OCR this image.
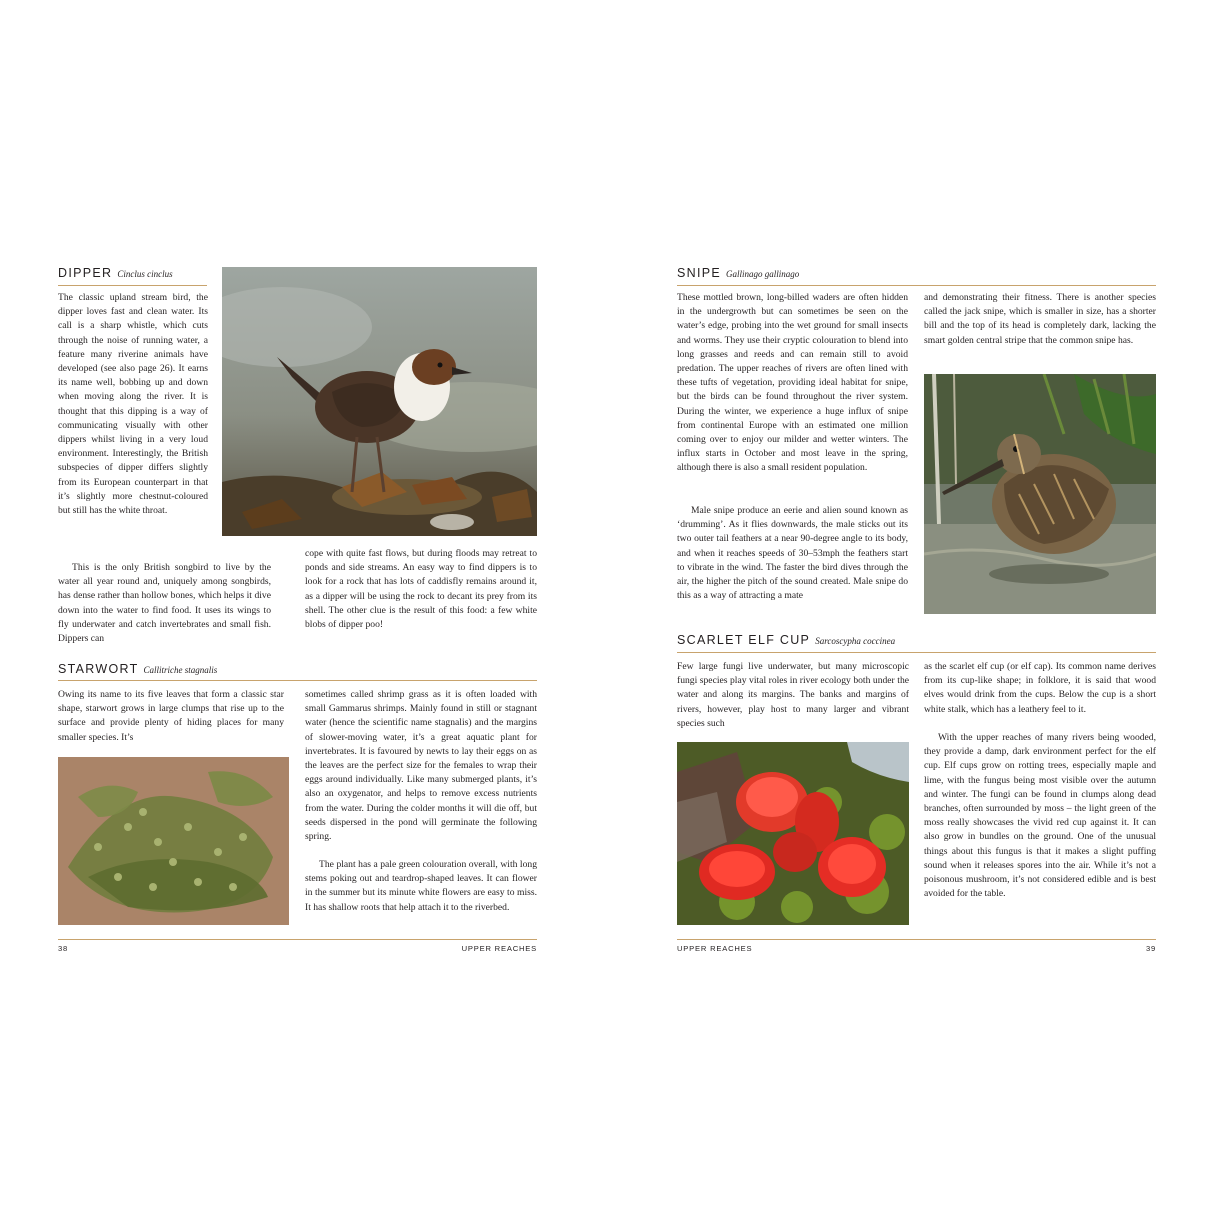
DIPPER Cinclus cinclus

The classic upland stream bird, the dipper loves fast and clean water. Its call is a sharp whistle, which cuts through the noise of running water, a feature many riverine animals have developed (see also page 26). It earns its name well, bobbing up and down when moving along the river. It is thought that this dipping is a way of communicating visually with other dippers whilst living in a very loud environment. Interestingly, the British subspecies of dipper differs slightly from its European counterpart in that it’s slightly more chestnut-coloured but still has the white throat.

This is the only British songbird to live by the water all year round and, uniquely among songbirds, has dense rather than hollow bones, which helps it dive down into the water to find food. It uses its wings to fly underwater and catch invertebrates and small fish. Dippers can

cope with quite fast flows, but during floods may retreat to ponds and side streams. An easy way to find dippers is to look for a rock that has lots of caddisfly remains around it, as a dipper will be using the rock to decant its prey from its shell. The other clue is the result of this food: a few white blobs of dipper poo!

STARWORT Callitriche stagnalis

Owing its name to its five leaves that form a classic star shape, starwort grows in large clumps that rise up to the surface and provide plenty of hiding places for many smaller species. It’s

sometimes called shrimp grass as it is often loaded with small Gammarus shrimps. Mainly found in still or stagnant water (hence the scientific name stagnalis) and the margins of slower-moving water, it’s a great aquatic plant for invertebrates. It is favoured by newts to lay their eggs on as the leaves are the perfect size for the females to wrap their eggs around individually. Like many submerged plants, it’s also an oxygenator, and helps to remove excess nutrients from the water. During the colder months it will die off, but seeds dispersed in the pond will germinate the following spring.

The plant has a pale green colouration overall, with long stems poking out and teardrop-shaped leaves. It can flower in the summer but its minute white flowers are easy to miss. It has shallow roots that help attach it to the riverbed.

38	UPPER REACHES
SNIPE Gallinago gallinago

These mottled brown, long-billed waders are often hidden in the undergrowth but can sometimes be seen on the water’s edge, probing into the wet ground for small insects and worms. They use their cryptic colouration to blend into long grasses and reeds and can remain still to avoid predation. The upper reaches of rivers are often lined with these tufts of vegetation, providing ideal habitat for snipe, but the birds can be found throughout the river system. During the winter, we experience a huge influx of snipe from continental Europe with an estimated one million coming over to enjoy our milder and wetter winters. The influx starts in October and most leave in the spring, although there is also a small resident population.

Male snipe produce an eerie and alien sound known as ‘drumming’. As it flies downwards, the male sticks out its two outer tail feathers at a near 90-degree angle to its body, and when it reaches speeds of 30–53mph the feathers start to vibrate in the wind. The faster the bird dives through the air, the higher the pitch of the sound created. Male snipe do this as a way of attracting a mate

and demonstrating their fitness. There is another species called the jack snipe, which is smaller in size, has a shorter bill and the top of its head is completely dark, lacking the smart golden central stripe that the common snipe has.

SCARLET ELF CUP Sarcoscypha coccinea

Few large fungi live underwater, but many microscopic fungi species play vital roles in river ecology both under the water and along its margins. The banks and margins of rivers, however, play host to many larger and vibrant species such

as the scarlet elf cup (or elf cap). Its common name derives from its cup-like shape; in folklore, it is said that wood elves would drink from the cups. Below the cup is a short white stalk, which has a leathery feel to it.

With the upper reaches of many rivers being wooded, they provide a damp, dark environment perfect for the elf cup. Elf cups grow on rotting trees, especially maple and lime, with the fungus being most visible over the autumn and winter. The fungi can be found in clumps along dead branches, often surrounded by moss – the light green of the moss really showcases the vivid red cup against it. It can also grow in bundles on the ground. One of the unusual things about this fungus is that it makes a slight puffing sound when it releases spores into the air. While it’s not a poisonous mushroom, it’s not considered edible and is best avoided for the table.

UPPER REACHES	39
